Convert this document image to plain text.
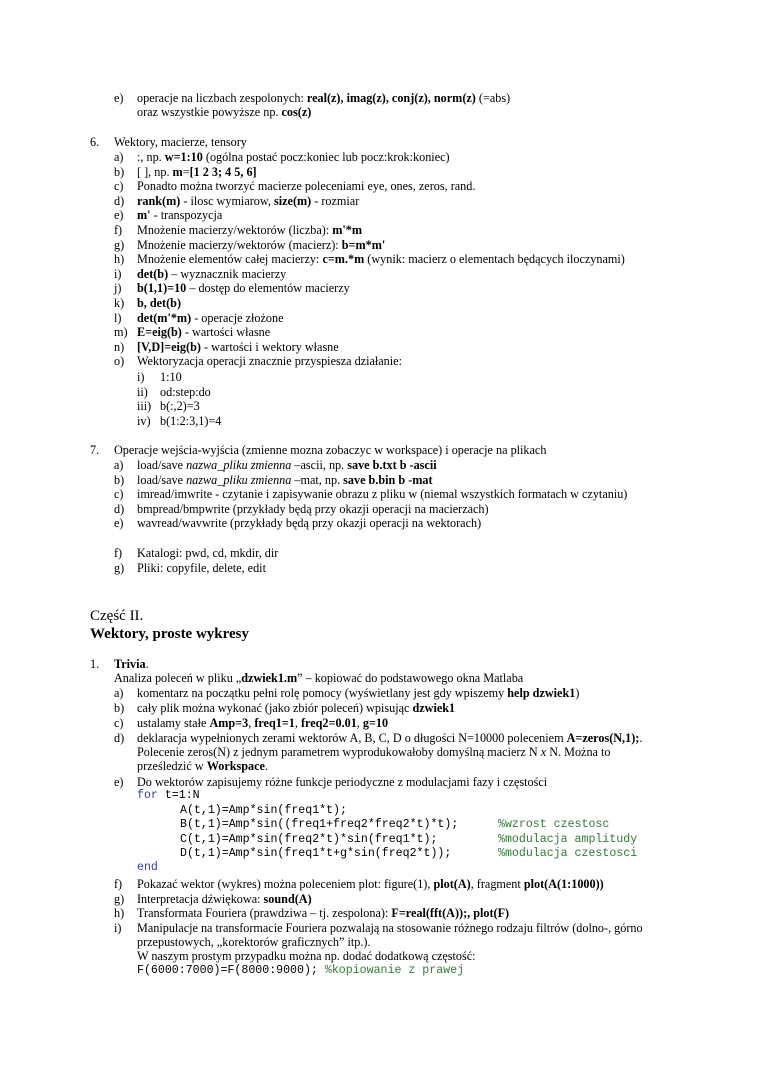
e) operacje na liczbach zespolonych: real(z), imag(z), conj(z), norm(z) (=abs)
oraz wszystkie powyższe np. cos(z)
6. Wektory, macierze, tensory
a) :, np. w=1:10 (ogólna postać pocz:koniec lub pocz:krok:koniec)
b) [ ], np. m=[1 2 3; 4 5, 6]
c) Ponadto można tworzyć macierze poleceniami eye, ones, zeros, rand.
d) rank(m) - ilosc wymiarow, size(m) - rozmiar
e) m' - transpozycja
f) Mnożenie macierzy/wektorów (liczba): m'*m
g) Mnożenie macierzy/wektorów (macierz): b=m*m'
h) Mnożenie elementów całej macierzy: c=m.*m (wynik: macierz o elementach będących iloczynami)
i) det(b) – wyznacznik macierzy
j) b(1,1)=10 – dostęp do elementów macierzy
k) b, det(b)
l) det(m'*m) - operacje złożone
m) E=eig(b) - wartości własne
n) [V,D]=eig(b) - wartości i wektory własne
o) Wektoryzacja operacji znacznie przyspiesza działanie:
i) 1:10
ii) od:step:do
iii) b(:,2)=3
iv) b(1:2:3,1)=4
7. Operacje wejścia-wyjścia (zmienne mozna zobaczyc w workspace) i operacje na plikach
a) load/save nazwa_pliku zmienna –ascii, np. save b.txt b -ascii
b) load/save nazwa_pliku zmienna –mat, np. save b.bin b -mat
c) imread/imwrite - czytanie i zapisywanie obrazu z pliku w (niemal wszystkich formatach w czytaniu)
d) bmpread/bmpwrite (przykłady będą przy okazji operacji na macierzach)
e) wavread/wavwrite (przykłady będą przy okazji operacji na wektorach)
f) Katalogi: pwd, cd, mkdir, dir
g) Pliki: copyfile, delete, edit
Część II.
Wektory, proste wykresy
1. Trivia.
Analiza poleceń w pliku „dzwiek1.m” – kopiować do podstawowego okna Matlaba
a) komentarz na początku pełni rolę pomocy (wyświetlany jest gdy wpiszemy help dzwiek1)
b) cały plik można wykonać (jako zbiór poleceń) wpisując dzwiek1
c) ustalamy stałe Amp=3, freq1=1, freq2=0.01, g=10
d) deklaracja wypełnionych zerami wektorów A, B, C, D o długości N=10000 poleceniem A=zeros(N,1);.
Polecenie zeros(N) z jednym parametrem wyprodukowałoby domyślną macierz N x N. Można to
prześledzić w Workspace.
e) Do wektorów zapisujemy różne funkcje periodyczne z modulacjami fazy i częstości
for t=1:N
A(t,1)=Amp*sin(freq1*t);
B(t,1)=Amp*sin((freq1+freq2*freq2*t)*t);	%wzrost czestosc
C(t,1)=Amp*sin(freq2*t)*sin(freq1*t);	%modulacja amplitudy
D(t,1)=Amp*sin(freq1*t+g*sin(freq2*t));	%modulacja czestosci
end
f) Pokazać wektor (wykres) można poleceniem plot: figure(1), plot(A), fragment plot(A(1:1000))
g) Interpretacja dźwiękowa: sound(A)
h) Transformata Fouriera (prawdziwa – tj. zespolona): F=real(fft(A));, plot(F)
i) Manipulacje na transformacie Fouriera pozwalają na stosowanie różnego rodzaju filtrów (dolno-, górno
przepustowych, „korektorów graficznych” itp.).
W naszym prostym przypadku można np. dodać dodatkową częstość:
F(6000:7000)=F(8000:9000); %kopiowanie z prawej
